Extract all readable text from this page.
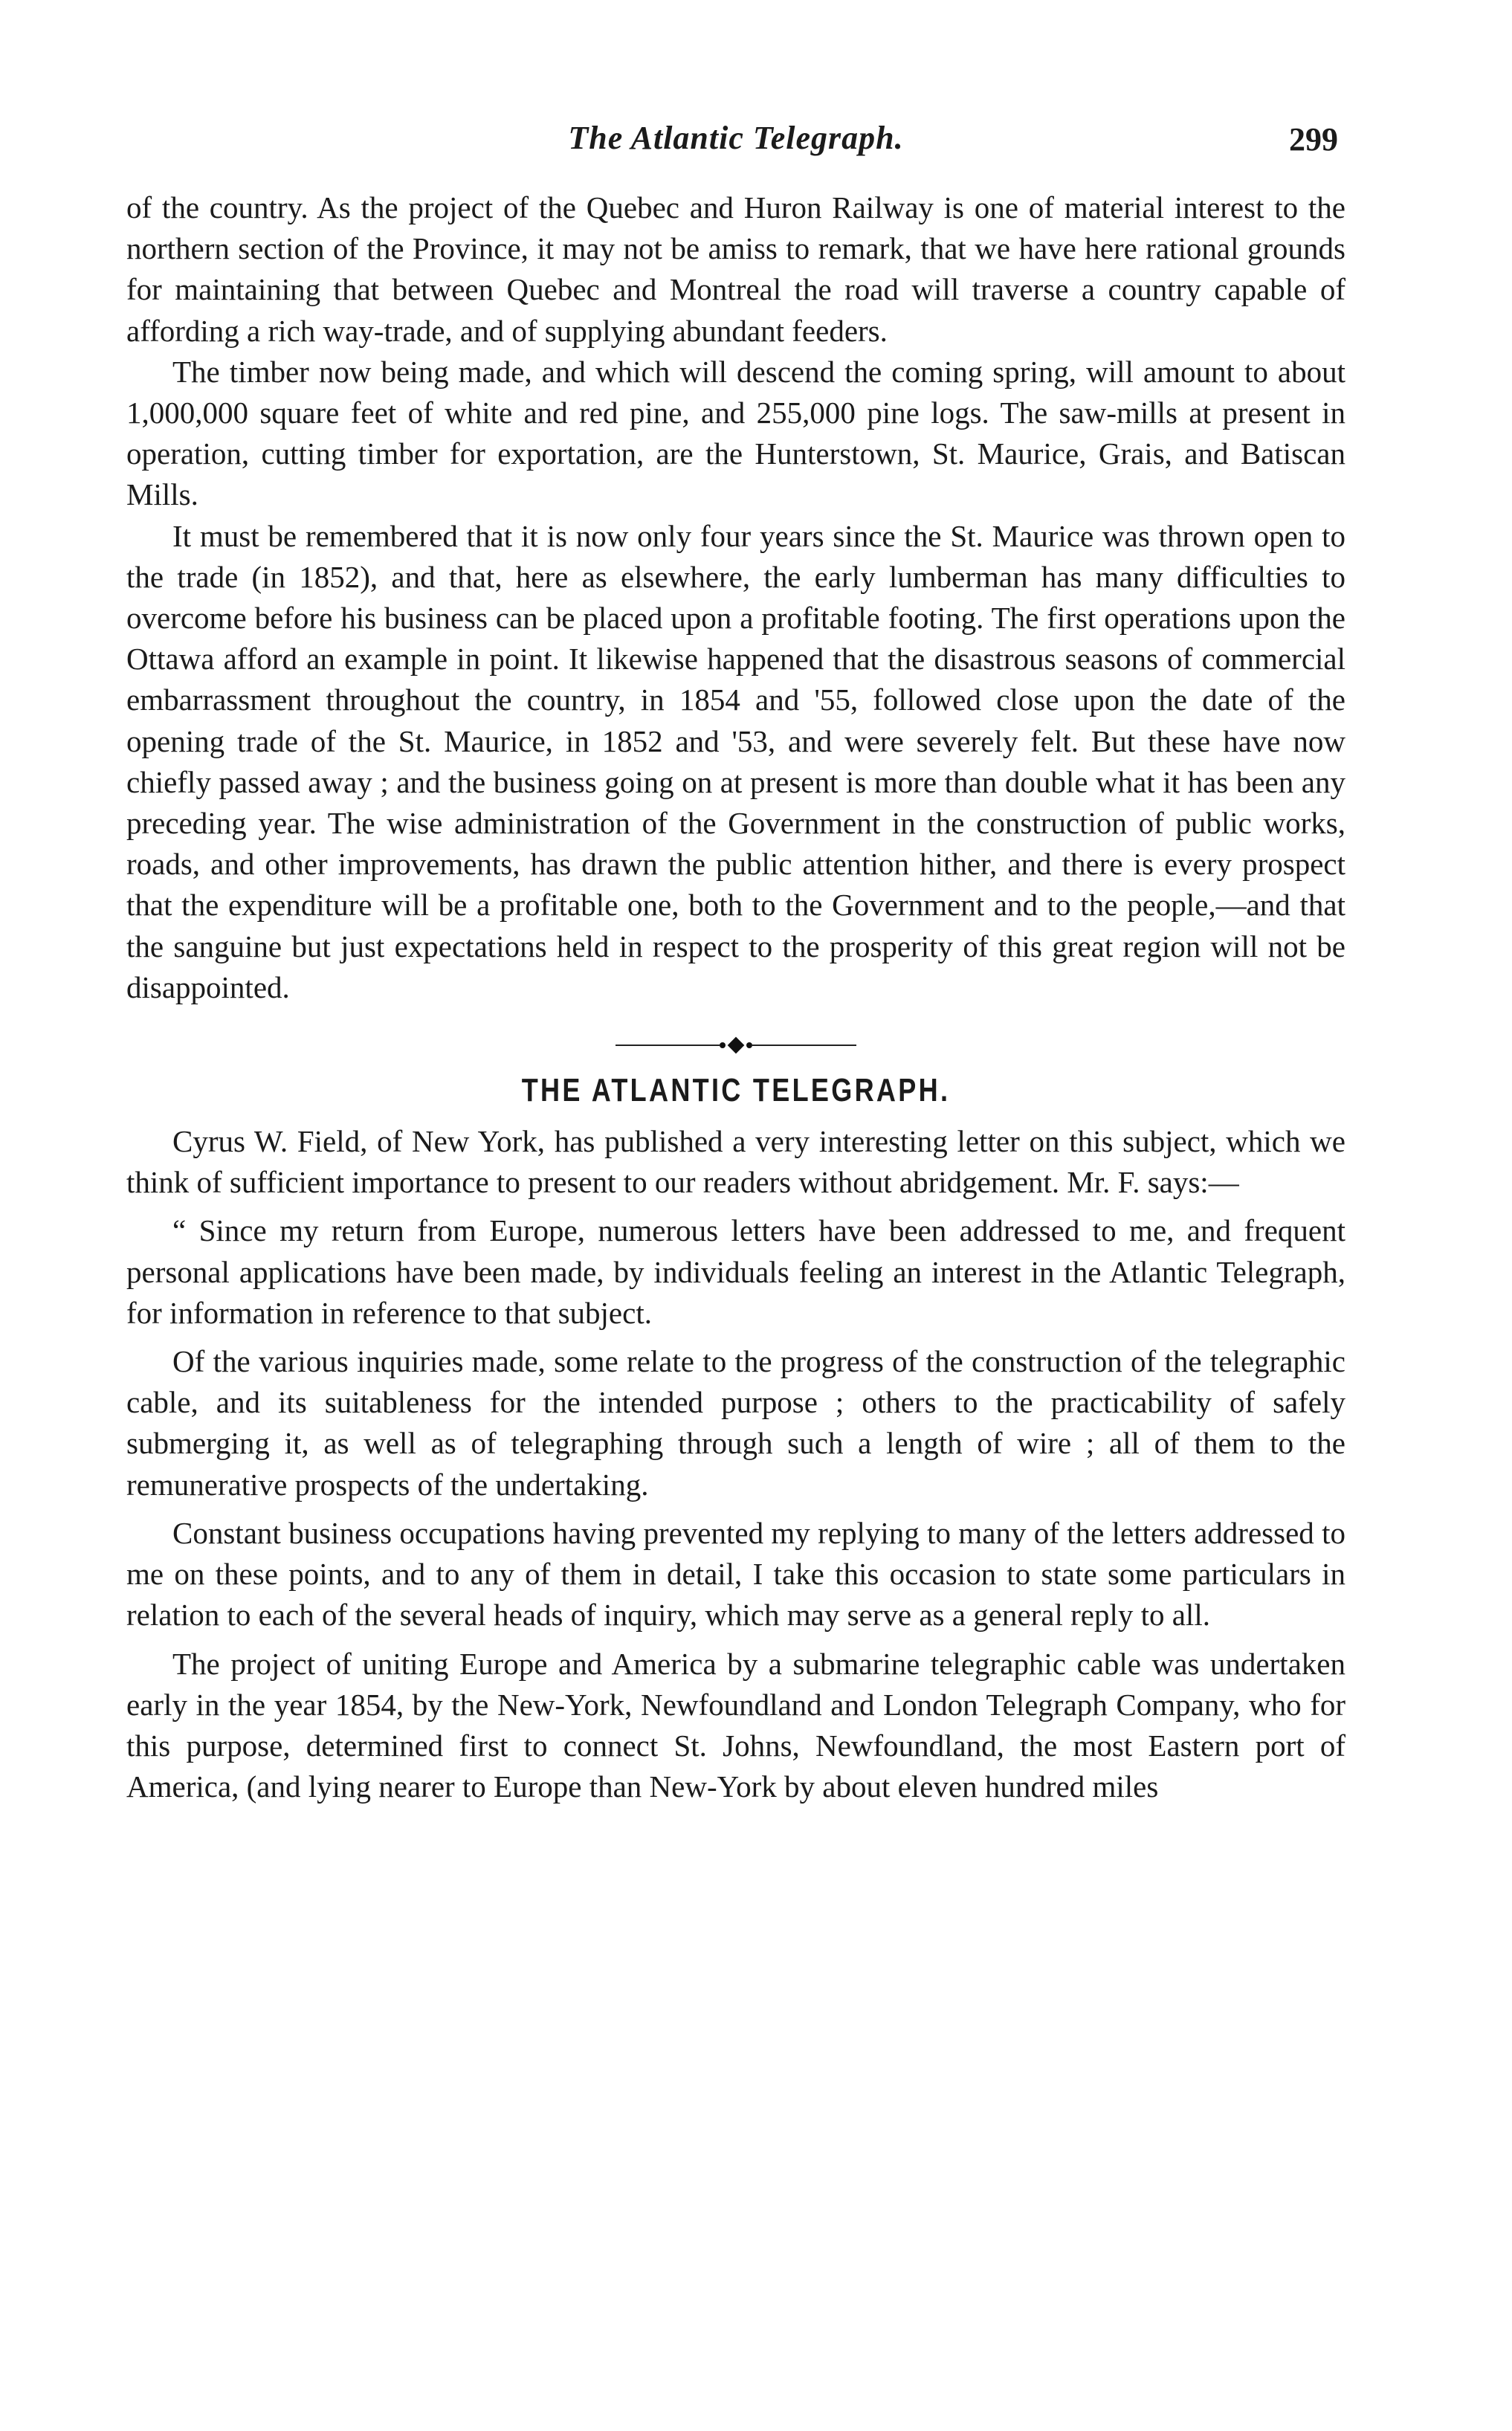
The Atlantic Telegraph.	299

of the country. As the project of the Quebec and Huron Railway is one of material interest to the northern section of the Province, it may not be amiss to remark, that we have here rational grounds for maintaining that between Quebec and Montreal the road will traverse a country capable of affording a rich way-trade, and of supplying abundant feeders.

The timber now being made, and which will descend the coming spring, will amount to about 1,000,000 square feet of white and red pine, and 255,000 pine logs. The saw-mills at present in operation, cutting timber for exportation, are the Hunterstown, St. Maurice, Grais, and Batiscan Mills.

It must be remembered that it is now only four years since the St. Maurice was thrown open to the trade (in 1852), and that, here as elsewhere, the early lumberman has many difficulties to overcome before his business can be placed upon a profitable footing. The first operations upon the Ottawa afford an example in point. It likewise happened that the disastrous seasons of commercial embarrassment throughout the country, in 1854 and '55, followed close upon the date of the opening trade of the St. Maurice, in 1852 and '53, and were severely felt. But these have now chiefly passed away ; and the business going on at present is more than double what it has been any preceding year. The wise administration of the Government in the construction of public works, roads, and other improvements, has drawn the public attention hither, and there is every prospect that the expenditure will be a profitable one, both to the Government and to the people,—and that the sanguine but just expectations held in respect to the prosperity of this great region will not be disappointed.

THE ATLANTIC TELEGRAPH.

Cyrus W. Field, of New York, has published a very interesting letter on this subject, which we think of sufficient importance to present to our readers without abridgement. Mr. F. says:—

“ Since my return from Europe, numerous letters have been addressed to me, and frequent personal applications have been made, by individuals feeling an interest in the Atlantic Telegraph, for information in reference to that subject.

Of the various inquiries made, some relate to the progress of the construction of the telegraphic cable, and its suitableness for the intended purpose ; others to the practicability of safely submerging it, as well as of telegraphing through such a length of wire ; all of them to the remunerative prospects of the undertaking.

Constant business occupations having prevented my replying to many of the letters addressed to me on these points, and to any of them in detail, I take this occasion to state some particulars in relation to each of the several heads of inquiry, which may serve as a general reply to all.

The project of uniting Europe and America by a submarine telegraphic cable was undertaken early in the year 1854, by the New-York, Newfoundland and London Telegraph Company, who for this purpose, determined first to connect St. Johns, Newfoundland, the most Eastern port of America, (and lying nearer to Europe than New-York by about eleven hundred miles
